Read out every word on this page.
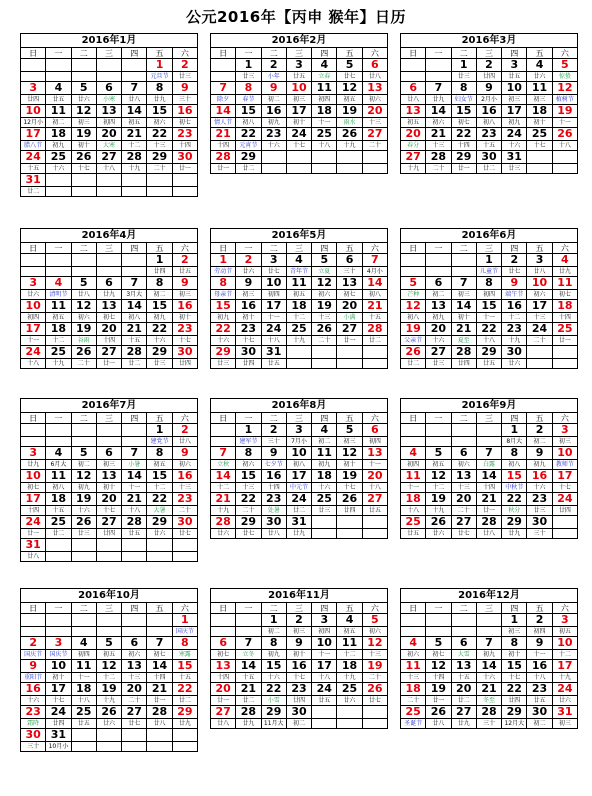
公元2016年【丙申 猴年】日历
2016年1月
日	一	二	三	四	五	六
					1	2
					元旦节	廿三
3	4	5	6	7	8	9
廿四	廿五	廿六	小寒	廿八	廿九	三十
10	11	12	13	14	15	16
12月小	初二	初三	初四	初五	初六	初七
17	18	19	20	21	22	23
腊八节	初九	初十	大寒	十二	十三	十四
24	25	26	27	28	29	30
十五	十六	十七	十八	十九	二十	廿一
31						
廿二						
2016年2月
日	一	二	三	四	五	六
	1	2	3	4	5	6
	廿三	小年	廿五	立春	廿七	廿八
7	8	9	10	11	12	13
除夕	春节	初二	初三	初四	初五	初六
14	15	16	17	18	19	20
情人节	初八	初九	初十	十一	雨水	十三
21	22	23	24	25	26	27
十四	元宵节	十六	十七	十八	十九	二十
28	29					
廿一	廿二					
2016年3月
日	一	二	三	四	五	六
		1	2	3	4	5
		廿三	廿四	廿五	廿六	惊蛰
6	7	8	9	10	11	12
廿八	廿九	妇女节	2月小	初三	初三	植树节
13	14	15	16	17	18	19
初五	初六	初七	初八	初九	初十	十一
20	21	22	23	24	25	26
春分	十三	十四	十五	十六	十七	十八
27	28	29	30	31		
十九	二十	廿一	廿二	廿三		
2016年4月
日	一	二	三	四	五	六
					1	2
					廿四	廿五
3	4	5	6	7	8	9
廿六	清明节	廿八	廿九	3月大	初二	初三
10	11	12	13	14	15	16
初四	初五	初六	初七	初八	初九	初十
17	18	19	20	21	22	23
十一	十二	谷雨	十四	十五	十六	十七
24	25	26	27	28	29	30
十八	十九	二十	廿一	廿二	廿三	廿四
2016年5月
日	一	二	三	四	五	六
1	2	3	4	5	6	7
劳动节	廿六	廿七	青年节	立夏	三十	4月小
8	9	10	11	12	13	14
母亲节	初三	初四	初五	初六	初七	初八
15	16	17	18	19	20	21
初九	初十	十一	十二	十三	小满	十五
22	23	24	25	26	27	28
十六	十七	十八	十九	二十	廿一	廿二
29	30	31				
廿三	廿四	廿五				
2016年6月
日	一	二	三	四	五	六
			1	2	3	4
			儿童节	廿七	廿八	廿九
5	6	7	8	9	10	11
芒种	初二	初三	初四	端午节	初六	初七
12	13	14	15	16	17	18
初八	初九	初十	十一	十二	十三	十四
19	20	21	22	23	24	25
父亲节	十六	夏至	十八	十九	二十	廿一
26	27	28	29	30		
廿二	廿三	廿四	廿五	廿六		
2016年7月
日	一	二	三	四	五	六
					1	2
					建党节	廿八
3	4	5	6	7	8	9
廿九	6月大	初二	初三	小暑	初五	初六
10	11	12	13	14	15	16
初七	初八	初九	初十	十一	十二	十三
17	18	19	20	21	22	23
十四	十五	十六	十七	十八	大暑	二十
24	25	26	27	28	29	30
廿一	廿二	廿三	廿四	廿五	廿六	廿七
31						
廿八						
2016年8月
日	一	二	三	四	五	六
	1	2	3	4	5	6
	建军节	三十	7月小	初二	初三	初四
7	8	9	10	11	12	13
立秋	初六	七夕节	初八	初九	初十	十一
14	15	16	17	18	19	20
十二	十三	十四	中元节	十六	十七	十八
21	22	23	24	25	26	27
十九	二十	处暑	廿二	廿三	廿四	廿五
28	29	30	31			
廿六	廿七	廿八	廿九			
2016年9月
日	一	二	三	四	五	六
				1	2	3
				8月大	初二	初三
4	5	6	7	8	9	10
初四	初五	初六	白露	初八	初九	教师节
11	12	13	14	15	16	17
十一	十二	十三	十四	中秋节	十六	十七
18	19	20	21	22	23	24
十八	十九	二十	廿一	秋分	廿三	廿四
25	26	27	28	29	30	
廿五	廿六	廿七	廿八	廿九	三十	
2016年10月
日	一	二	三	四	五	六
						1
						国庆节
2	3	4	5	6	7	8
国庆节	国庆节	初四	初五	初六	初七	寒露
9	10	11	12	13	14	15
重阳节	初十	十一	十二	十三	十四	十五
16	17	18	19	20	21	22
十六	十七	十八	十九	二十	廿一	廿二
23	24	25	26	27	28	29
霜降	廿四	廿五	廿六	廿七	廿八	廿九
30	31					
三十	10月小					
2016年11月
日	一	二	三	四	五	六
		1	2	3	4	5
		初二	初三	初四	初五	初六
6	7	8	9	10	11	12
初七	立冬	初九	初十	十一	十二	十三
13	14	15	16	17	18	19
十四	十五	十六	十七	十八	十九	二十
20	21	22	23	24	25	26
廿一	廿二	小雪	廿四	廿五	廿六	廿七
27	28	29	30			
廿八	廿九	11月大	初二			
2016年12月
日	一	二	三	四	五	六
				1	2	3
				初三	初四	初五
4	5	6	7	8	9	10
初六	初七	大雪	初九	初十	十一	十二
11	12	13	14	15	16	17
十三	十四	十五	十六	十七	十八	十九
18	19	20	21	22	23	24
二十	廿一	廿二	冬至	廿四	廿五	廿六
25	26	27	28	29	30	31
圣诞节	廿八	廿九	三十	12月大	初二	初三
